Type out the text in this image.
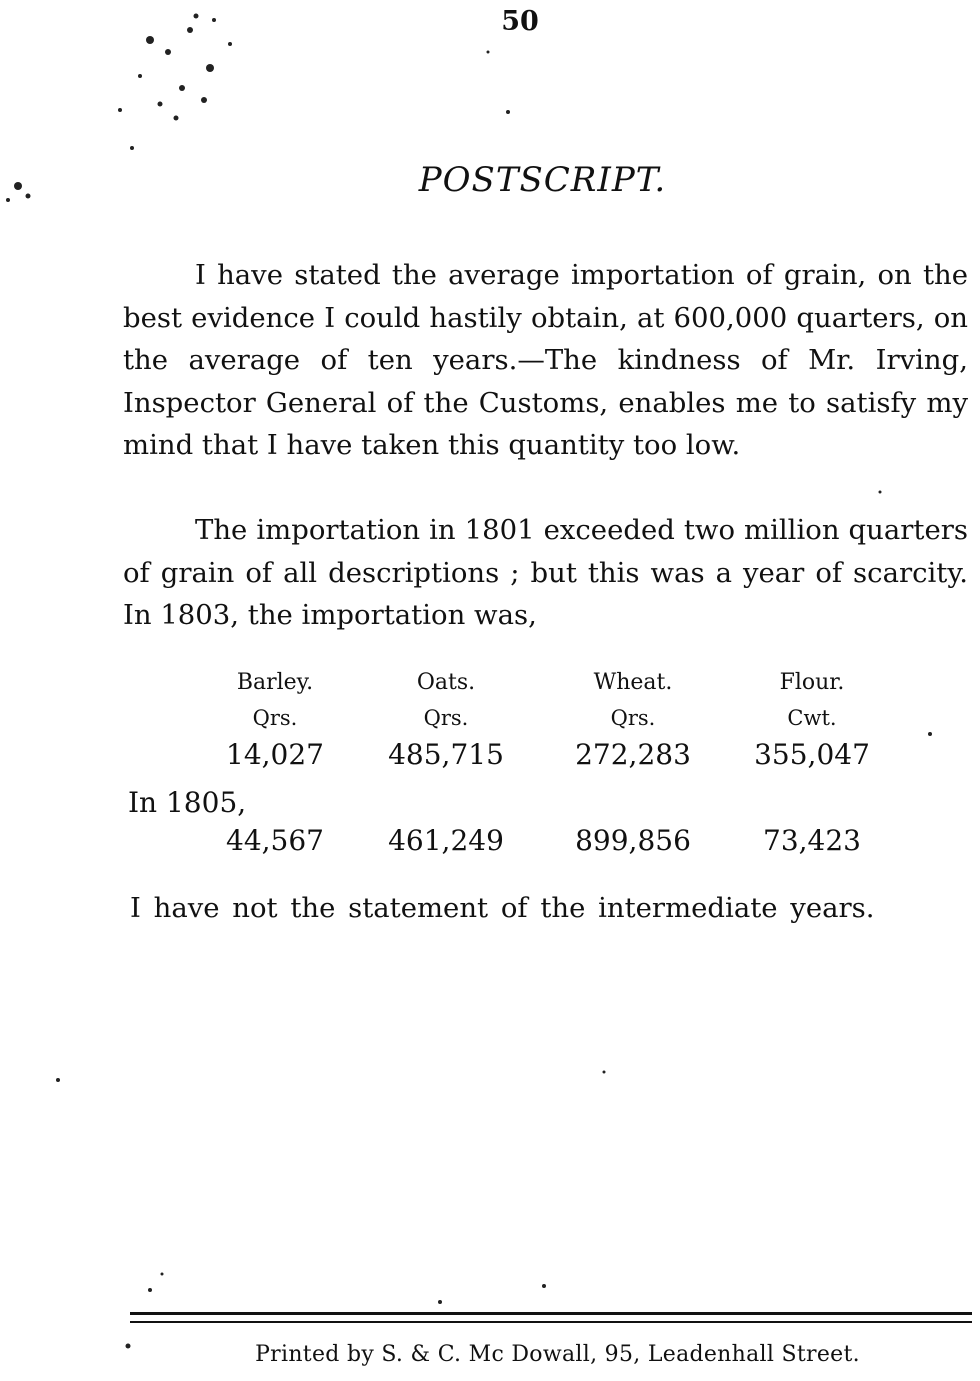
50
POSTSCRIPT.

I have stated the average importation of grain, on the best evidence I could hastily obtain, at 600,000 quarters, on the average of ten years.—The kindness of Mr. Irving, Inspector General of the Customs, enables me to satisfy my mind that I have taken this quantity too low.

The importation in 1801 exceeded two million quarters of grain of all descriptions ; but this was a year of scarcity. In 1803, the importation was,

Barley.	Oats.	Wheat.	Flour.
Qrs.	Qrs.	Qrs.	Cwt.
14,027	485,715	272,283	355,047
In 1805,
44,567	461,249	899,856	73,423
I have not the statement of the intermediate years.
Printed by S. & C. Mc Dowall, 95, Leadenhall Street.
